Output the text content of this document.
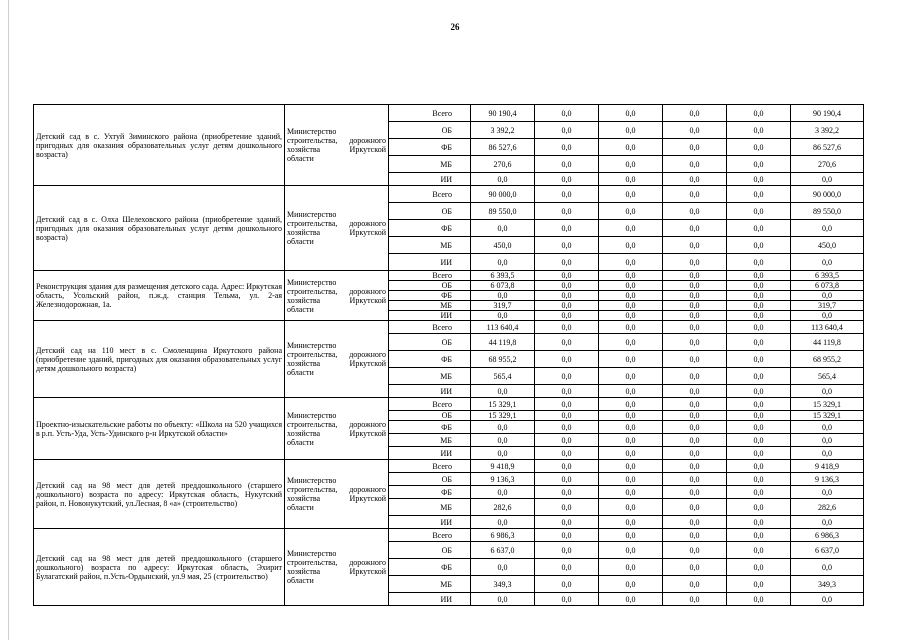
26
Детский сад в с. Ухтуй Зиминского района (приобретение зданий, пригодных для оказания образовательных услуг детям дошкольного возраста)	Министерство строительства, дорожного хозяйства Иркутской области	Всего	90 190,4	0,0	0,0	0,0	0,0	90 190,4
		ОБ	3 392,2	0,0	0,0	0,0	0,0	3 392,2
		ФБ	86 527,6	0,0	0,0	0,0	0,0	86 527,6
		МБ	270,6	0,0	0,0	0,0	0,0	270,6
		ИИ	0,0	0,0	0,0	0,0	0,0	0,0
Детский сад в с. Олха Шелеховского района (приобретение зданий, пригодных для оказания образовательных услуг детям дошкольного возраста)	Министерство строительства, дорожного хозяйства Иркутской области	Всего	90 000,0	0,0	0,0	0,0	0,0	90 000,0
		ОБ	89 550,0	0,0	0,0	0,0	0,0	89 550,0
		ФБ	0,0	0,0	0,0	0,0	0,0	0,0
		МБ	450,0	0,0	0,0	0,0	0,0	450,0
		ИИ	0,0	0,0	0,0	0,0	0,0	0,0
Реконструкция здания для размещения детского сада. Адрес: Иркутская область, Усольский район, п.ж.д. станция Тельма, ул. 2-ая Железнодорожная, 1а.	Министерство строительства, дорожного хозяйства Иркутской области	Всего	6 393,5	0,0	0,0	0,0	0,0	6 393,5
		ОБ	6 073,8	0,0	0,0	0,0	0,0	6 073,8
		ФБ	0,0	0,0	0,0	0,0	0,0	0,0
		МБ	319,7	0,0	0,0	0,0	0,0	319,7
		ИИ	0,0	0,0	0,0	0,0	0,0	0,0
Детский сад на 110 мест в с. Смоленщина Иркутского района (приобретение зданий, пригодных для оказания образовательных услуг детям дошкольного возраста)	Министерство строительства, дорожного хозяйства Иркутской области	Всего	113 640,4	0,0	0,0	0,0	0,0	113 640,4
		ОБ	44 119,8	0,0	0,0	0,0	0,0	44 119,8
		ФБ	68 955,2	0,0	0,0	0,0	0,0	68 955,2
		МБ	565,4	0,0	0,0	0,0	0,0	565,4
		ИИ	0,0	0,0	0,0	0,0	0,0	0,0
Проектно-изыскательские работы по объекту: «Школа на 520 учащихся в р.п. Усть-Уда, Усть-Удинского р-н Иркутской области»	Министерство строительства, дорожного хозяйства Иркутской области	Всего	15 329,1	0,0	0,0	0,0	0,0	15 329,1
		ОБ	15 329,1	0,0	0,0	0,0	0,0	15 329,1
		ФБ	0,0	0,0	0,0	0,0	0,0	0,0
		МБ	0,0	0,0	0,0	0,0	0,0	0,0
		ИИ	0,0	0,0	0,0	0,0	0,0	0,0
Детский сад на 98 мест для детей преддошкольного (старшего дошкольного) возраста по адресу: Иркутская область, Нукутский район, п. Новонукутский, ул.Лесная, 8 «а» (строительство)	Министерство строительства, дорожного хозяйства Иркутской области	Всего	9 418,9	0,0	0,0	0,0	0,0	9 418,9
		ОБ	9 136,3	0,0	0,0	0,0	0,0	9 136,3
		ФБ	0,0	0,0	0,0	0,0	0,0	0,0
		МБ	282,6	0,0	0,0	0,0	0,0	282,6
		ИИ	0,0	0,0	0,0	0,0	0,0	0,0
Детский сад на 98 мест для детей преддошкольного (старшего дошкольного) возраста по адресу: Иркутская область, Эхирит Булагатский район, п.Усть-Ордынский, ул.9 мая, 25 (строительство)	Министерство строительства, дорожного хозяйства Иркутской области	Всего	6 986,3	0,0	0,0	0,0	0,0	6 986,3
		ОБ	6 637,0	0,0	0,0	0,0	0,0	6 637,0
		ФБ	0,0	0,0	0,0	0,0	0,0	0,0
		МБ	349,3	0,0	0,0	0,0	0,0	349,3
		ИИ	0,0	0,0	0,0	0,0	0,0	0,0
